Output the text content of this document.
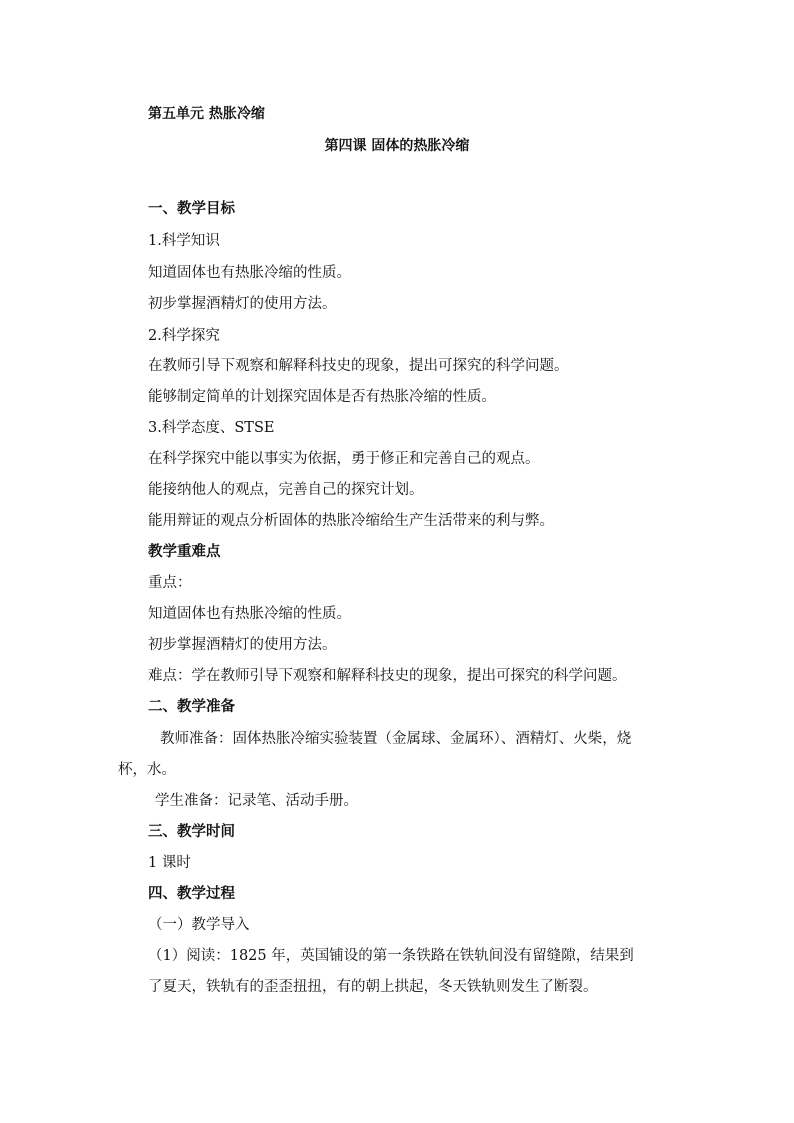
第五单元 热胀冷缩
第四课 固体的热胀冷缩
一、教学目标
1.科学知识
知道固体也有热胀冷缩的性质。
初步掌握酒精灯的使用方法。
2.科学探究
在教师引导下观察和解释科技史的现象，提出可探究的科学问题。
能够制定简单的计划探究固体是否有热胀冷缩的性质。
3.科学态度、STSE
在科学探究中能以事实为依据，勇于修正和完善自己的观点。
能接纳他人的观点，完善自己的探究计划。
能用辩证的观点分析固体的热胀冷缩给生产生活带来的利与弊。
教学重难点
重点：
知道固体也有热胀冷缩的性质。
初步掌握酒精灯的使用方法。
难点：学在教师引导下观察和解释科技史的现象，提出可探究的科学问题。
二、教学准备
教师准备：固体热胀冷缩实验装置（金属球、金属环）、酒精灯、火柴，烧
杯，水。
学生准备：记录笔、活动手册。
三、教学时间
1 课时
四、教学过程
（一）教学导入
（1）阅读：1825 年，英国铺设的第一条铁路在铁轨间没有留缝隙，结果到
了夏天，铁轨有的歪歪扭扭，有的朝上拱起，冬天铁轨则发生了断裂。
